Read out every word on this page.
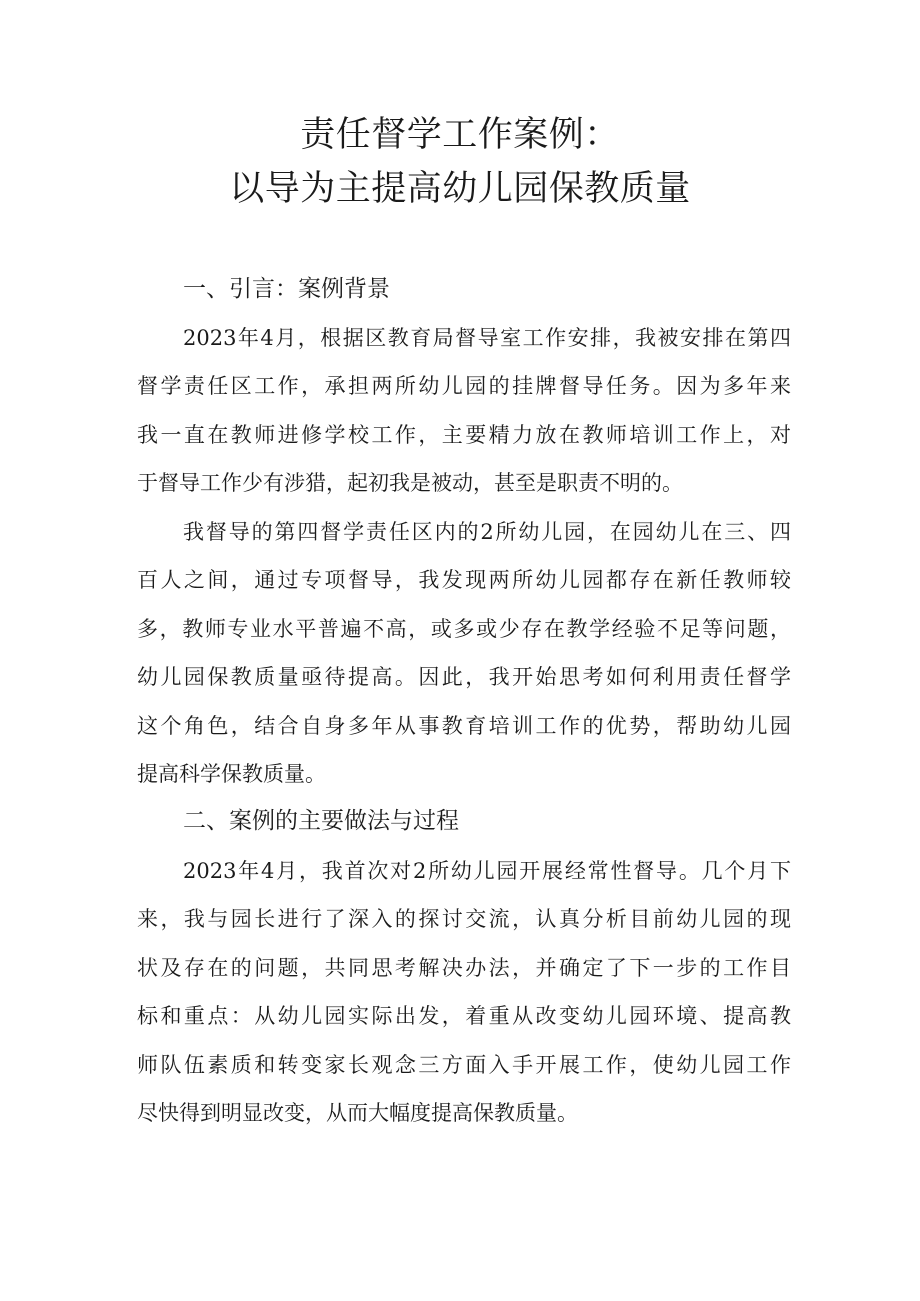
责任督学工作案例：
以导为主提高幼儿园保教质量
一、引言：案例背景

2023年4月，根据区教育局督导室工作安排，我被安排在第四

督学责任区工作，承担两所幼儿园的挂牌督导任务。因为多年来

我一直在教师进修学校工作，主要精力放在教师培训工作上，对

于督导工作少有涉猎，起初我是被动，甚至是职责不明的。

我督导的第四督学责任区内的2所幼儿园，在园幼儿在三、四

百人之间，通过专项督导，我发现两所幼儿园都存在新任教师较

多，教师专业水平普遍不高，或多或少存在教学经验不足等问题，

幼儿园保教质量亟待提高。因此，我开始思考如何利用责任督学

这个角色，结合自身多年从事教育培训工作的优势，帮助幼儿园

提高科学保教质量。

二、案例的主要做法与过程

2023年4月，我首次对2所幼儿园开展经常性督导。几个月下

来，我与园长进行了深入的探讨交流，认真分析目前幼儿园的现

状及存在的问题，共同思考解决办法，并确定了下一步的工作目

标和重点：从幼儿园实际出发，着重从改变幼儿园环境、提高教

师队伍素质和转变家长观念三方面入手开展工作，使幼儿园工作

尽快得到明显改变，从而大幅度提高保教质量。
